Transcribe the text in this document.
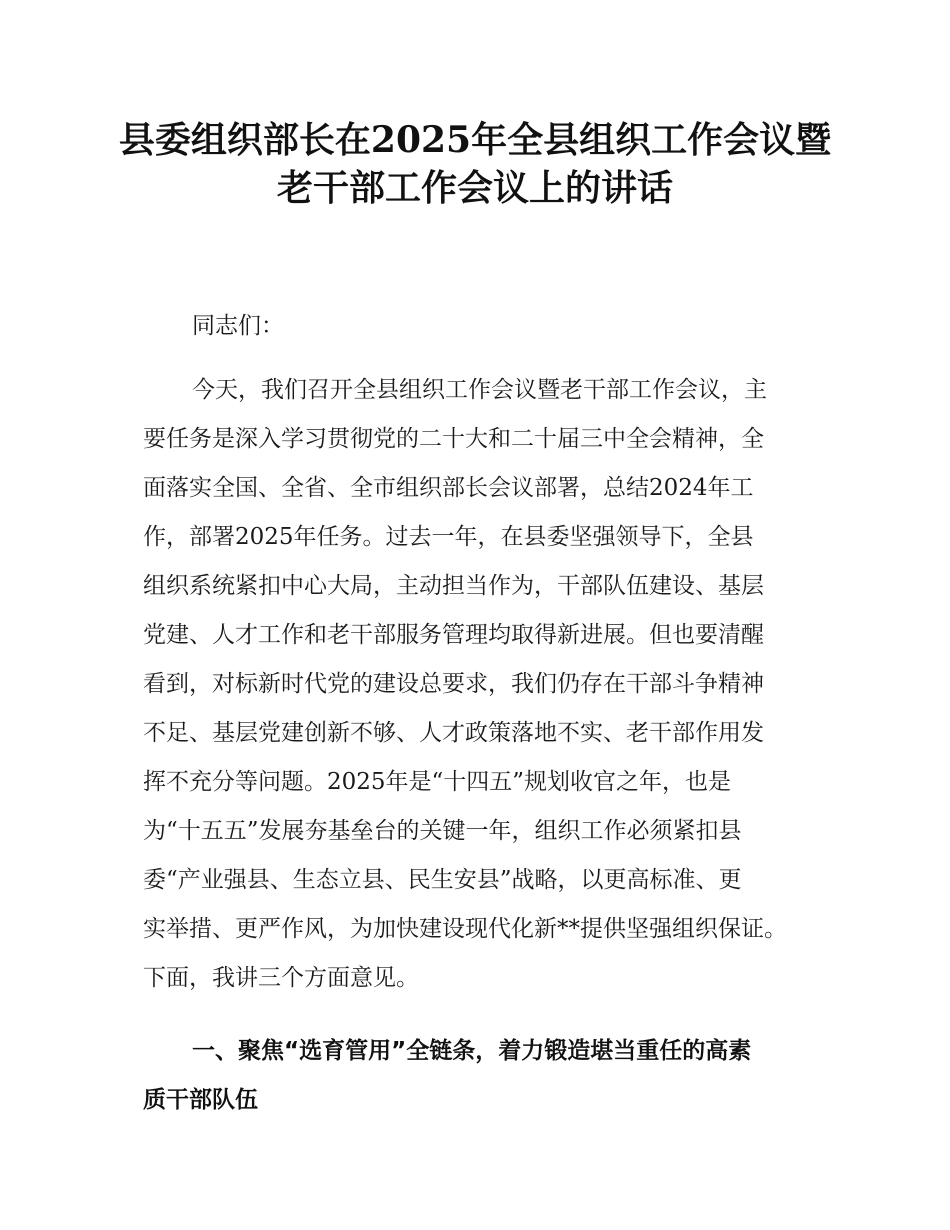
县委组织部长在2025年全县组织工作会议暨
老干部工作会议上的讲话
同志们：
今天，我们召开全县组织工作会议暨老干部工作会议，主
要任务是深入学习贯彻党的二十大和二十届三中全会精神，全
面落实全国、全省、全市组织部长会议部署，总结2024年工
作，部署2025年任务。过去一年，在县委坚强领导下，全县
组织系统紧扣中心大局，主动担当作为，干部队伍建设、基层
党建、人才工作和老干部服务管理均取得新进展。但也要清醒
看到，对标新时代党的建设总要求，我们仍存在干部斗争精神
不足、基层党建创新不够、人才政策落地不实、老干部作用发
挥不充分等问题。2025年是“十四五”规划收官之年，也是
为“十五五”发展夯基垒台的关键一年，组织工作必须紧扣县
委“产业强县、生态立县、民生安县”战略，以更高标准、更
实举措、更严作风，为加快建设现代化新**提供坚强组织保证。
下面，我讲三个方面意见。
一、聚焦“选育管用”全链条，着力锻造堪当重任的高素
质干部队伍
